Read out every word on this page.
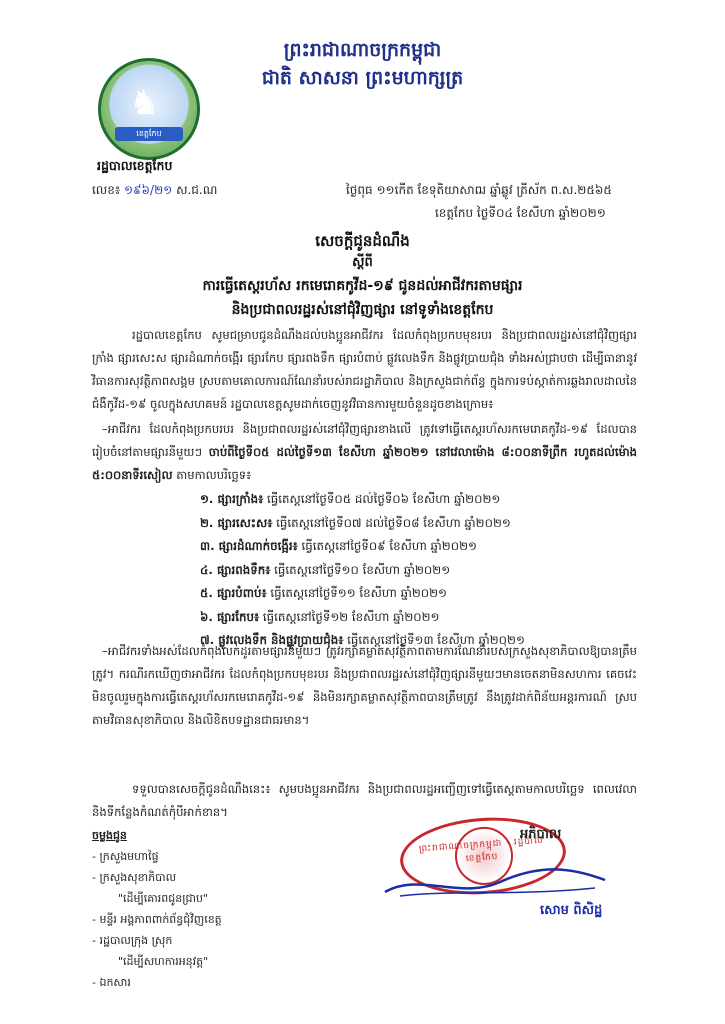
ព្រះរាជាណាចក្រកម្ពុជា
ជាតិ សាសនា ព្រះមហាក្សត្រ
♞
ខេត្តកែប
រដ្ឋបាលខេត្តកែប
លេខ៖ ១៩៦/២១ ស.ជ.ណ	ថ្ងៃពុធ ១១កើត ខែទុតិយាសាឍ ឆ្នាំឆ្លូវ ត្រីស័ក ព.ស.២៥៦៥
ខេត្តកែប ថ្ងៃទី០៤ ខែសីហា ឆ្នាំ២០២១
សេចក្តីជូនដំណឹង
ស្តីពី
ការធ្វើតេស្តរហ័ស រកមេរោគកូវីដ-១៩ ជូនដល់អាជីវករតាមផ្សារ
និងប្រជាពលរដ្ឋរស់នៅជុំវិញផ្សារ នៅទូទាំងខេត្តកែប
រដ្ឋបាលខេត្តកែប សូមជម្រាបជូនដំណឹងដល់បងប្អូនអាជីវករ ដែលកំពុងប្រកបមុខរបរ និងប្រជាពលរដ្ឋរស់នៅជុំវិញផ្សារក្រាំង ផ្សារសេះស ផ្សារដំណាក់ចង្អើរ ផ្សារកែប ផ្សារពងទឹក ផ្សារបំពាប់ ផ្លូវលេងទឹក និងផ្លូវប្រាយជុំង ទាំងអស់ជ្រាបថា ដើម្បីធានានូវវិធានការសុវត្ថិភាពសង្គម ស្របតាមគោលការណ៍ណែនាំរបស់រាជរដ្ឋាភិបាល និងក្រសួងជាក់ព័ន្ធ ក្នុងការទប់ស្កាត់ការឆ្លងរាលដាលនៃជំងឺកូវីដ-១៩ ចូលក្នុងសហគមន៍ រដ្ឋបាលខេត្តសូមដាក់ចេញនូវវិធានការមួយចំនួនដូចខាងក្រោម៖
–អាជីវករ ដែលកំពុងប្រកបរបរ និងប្រជាពលរដ្ឋរស់នៅជុំវិញផ្សារខាងលើ ត្រូវទៅធ្វើតេស្តរហ័សរកមេរោគកូវីដ-១៩ ដែលបានរៀបចំនៅតាមផ្សារនីមួយៗ ចាប់ពីថ្ងៃទី០៥ ដល់ថ្ងៃទី១៣ ខែសីហា ឆ្នាំ២០២១ នៅវេលាម៉ោង ៨:០០នាទីព្រឹក រហូតដល់ម៉ោង ៥:០០នាទីរសៀល តាមកាលបរិច្ឆេទ៖
១. ផ្សារក្រាំង៖ ធ្វើតេស្តនៅថ្ងៃទី០៥ ដល់ថ្ងៃទី០៦ ខែសីហា ឆ្នាំ២០២១
២. ផ្សារសេះស៖ ធ្វើតេស្តនៅថ្ងៃទី០៧ ដល់ថ្ងៃទី០៨ ខែសីហា ឆ្នាំ២០២១
៣. ផ្សារដំណាក់ចង្អើរ៖ ធ្វើតេស្តនៅថ្ងៃទី០៩ ខែសីហា ឆ្នាំ២០២១
៤. ផ្សារពងទឹក៖ ធ្វើតេស្តនៅថ្ងៃទី១០ ខែសីហា ឆ្នាំ២០២១
៥. ផ្សារបំពាប់៖ ធ្វើតេស្តនៅថ្ងៃទី១១ ខែសីហា ឆ្នាំ២០២១
៦. ផ្សារកែប៖ ធ្វើតេស្តនៅថ្ងៃទី១២ ខែសីហា ឆ្នាំ២០២១
៧. ផ្លូវលេងទឹក និងផ្លូវប្រាយជុំង៖ ធ្វើតេស្តនៅថ្ងៃទី១៣ ខែសីហា ឆ្នាំ២០២១
–អាជីវករទាំងអស់ដែលកំពុងលក់ដូរតាមផ្សារនីមួយៗ ត្រូវរក្សាគម្លាតសុវត្ថិភាពតាមការណែនាំរបស់ក្រសួងសុខាភិបាលឱ្យបានត្រឹមត្រូវ។ ករណីរកឃើញថាអាជីវករ ដែលកំពុងប្រកបមុខរបរ និងប្រជាពលរដ្ឋរស់នៅជុំវិញផ្សារនីមួយៗមានចេតនាមិនសហការ គេចវេះមិនចូលរួមក្នុងការធ្វើតេស្តរហ័សរកមេរោគកូវីដ-១៩ និងមិនរក្សាគម្លាតសុវត្ថិភាពបានត្រឹមត្រូវ នឹងត្រូវដាក់ពិន័យអន្តរការណ៍ ស្របតាមវិធានសុខាភិបាល និងលិខិតបទដ្ឋានជាធរមាន។
ទទួលបានសេចក្តីជូនដំណឹងនេះ៖ សូមបងប្អូនអាជីវករ និងប្រជាពលរដ្ឋអញ្ជើញទៅធ្វើតេស្តតាមកាលបរិច្ឆេទ ពេលវេលា និងទីកន្លែងកំណត់កុំបីអាក់ខាន។
ព្រះរាជាណាចក្រកម្ពុជា · រដ្ឋបាលខេត្តកែប
អភិបាល
សោម ពិសិដ្ឋ
ចម្លងជូន
- ក្រសួងមហាផ្ទៃ
- ក្រសួងសុខាភិបាល
"ដើម្បីគោរពជូនជ្រាប"
- មន្ទីរ អង្គភាពពាក់ព័ន្ធជុំវិញខេត្ត
- រដ្ឋបាលក្រុង ស្រុក
"ដើម្បីសហការអនុវត្ត"
- ឯកសារ
